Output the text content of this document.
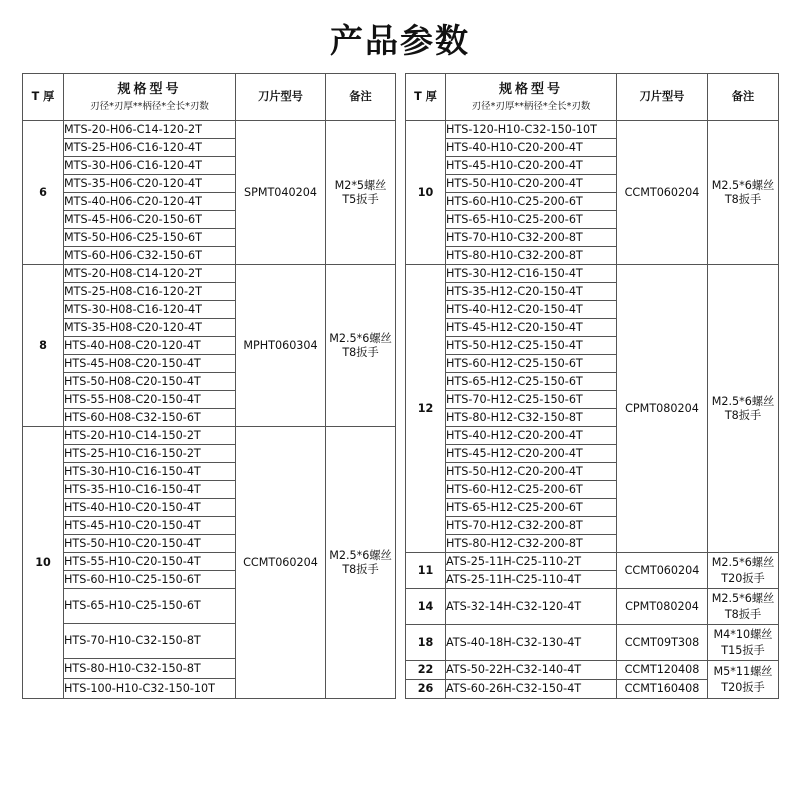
产品参数
T 厚	规格型号
刃径*刃厚**柄径*全长*刃数	刀片型号	备注
6	MTS-20-H06-C14-120-2T	SPMT040204	M2*5螺丝
T5扳手
	MTS-25-H06-C16-120-4T		
	MTS-30-H06-C16-120-4T		
	MTS-35-H06-C20-120-4T		
	MTS-40-H06-C20-120-4T		
	MTS-45-H06-C20-150-6T		
	MTS-50-H06-C25-150-6T		
	MTS-60-H06-C32-150-6T		
8	MTS-20-H08-C14-120-2T	MPHT060304	M2.5*6螺丝
T8扳手
	MTS-25-H08-C16-120-2T		
	MTS-30-H08-C16-120-4T		
	MTS-35-H08-C20-120-4T		
	HTS-40-H08-C20-120-4T		
	HTS-45-H08-C20-150-4T		
	HTS-50-H08-C20-150-4T		
	HTS-55-H08-C20-150-4T		
	HTS-60-H08-C32-150-6T		
10	HTS-20-H10-C14-150-2T	CCMT060204	M2.5*6螺丝
T8扳手
	HTS-25-H10-C16-150-2T		
	HTS-30-H10-C16-150-4T		
	HTS-35-H10-C16-150-4T		
	HTS-40-H10-C20-150-4T		
	HTS-45-H10-C20-150-4T		
	HTS-50-H10-C20-150-4T		
	HTS-55-H10-C20-150-4T		
	HTS-60-H10-C25-150-6T		
	HTS-65-H10-C25-150-6T		
	HTS-70-H10-C32-150-8T		
	HTS-80-H10-C32-150-8T		
	HTS-100-H10-C32-150-10T		
T 厚	规格型号
刃径*刃厚**柄径*全长*刃数	刀片型号	备注
10	HTS-120-H10-C32-150-10T	CCMT060204	M2.5*6螺丝
T8扳手
	HTS-40-H10-C20-200-4T		
	HTS-45-H10-C20-200-4T		
	HTS-50-H10-C20-200-4T		
	HTS-60-H10-C25-200-6T		
	HTS-65-H10-C25-200-6T		
	HTS-70-H10-C32-200-8T		
	HTS-80-H10-C32-200-8T		
12	HTS-30-H12-C16-150-4T	CPMT080204	M2.5*6螺丝
T8扳手
	HTS-35-H12-C20-150-4T		
	HTS-40-H12-C20-150-4T		
	HTS-45-H12-C20-150-4T		
	HTS-50-H12-C25-150-4T		
	HTS-60-H12-C25-150-6T		
	HTS-65-H12-C25-150-6T		
	HTS-70-H12-C25-150-6T		
	HTS-80-H12-C32-150-8T		
	HTS-40-H12-C20-200-4T		
	HTS-45-H12-C20-200-4T		
	HTS-50-H12-C20-200-4T		
	HTS-60-H12-C25-200-6T		
	HTS-65-H12-C25-200-6T		
	HTS-70-H12-C32-200-8T		
	HTS-80-H12-C32-200-8T		
11	ATS-25-11H-C25-110-2T	CCMT060204	M2.5*6螺丝
T20扳手
	ATS-25-11H-C25-110-4T		
14	ATS-32-14H-C32-120-4T	CPMT080204	M2.5*6螺丝
T8扳手
18	ATS-40-18H-C32-130-4T	CCMT09T308	M4*10螺丝
T15扳手
22	ATS-50-22H-C32-140-4T	CCMT120408	M5*11螺丝
T20扳手
26	ATS-60-26H-C32-150-4T	CCMT160408	
